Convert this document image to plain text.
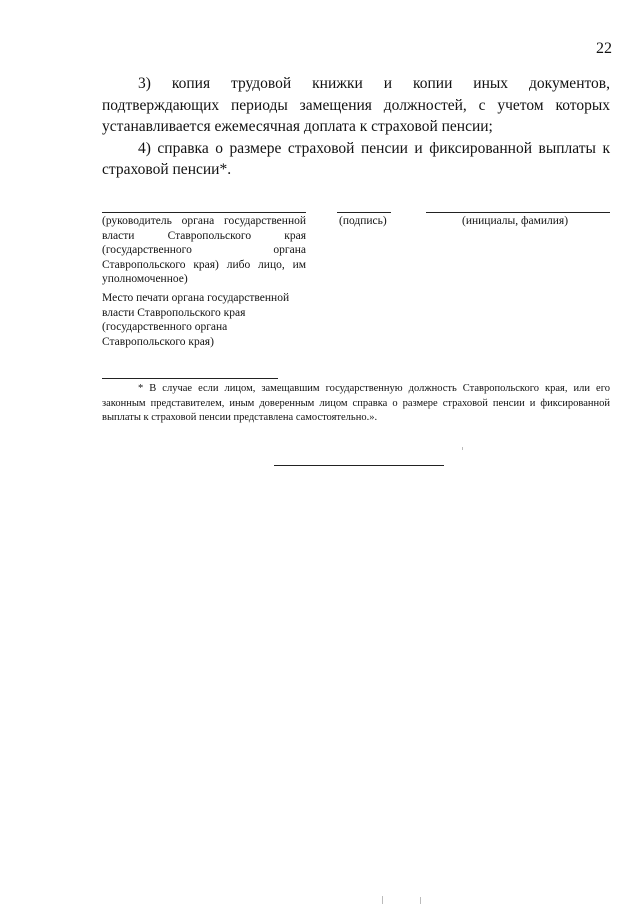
22

3) копия трудовой книжки и копии иных документов, подтверждающих периоды замещения должностей, с учетом которых устанавливается ежемесячная доплата к страховой пенсии;

4) справка о размере страховой пенсии и фиксированной выплаты к страховой пенсии*.

(руководитель органа государственной власти Ставропольского края (государственного органа Ставропольского края) либо лицо, им уполномоченное)
(подпись)	(инициалы, фамилия)
Место печати органа государственной власти Ставропольского края (государственного органа Ставропольского края)
* В случае если лицом, замещавшим государственную должность Ставропольского края, или его законным представителем, иным доверенным лицом справка о размере страховой пенсии и фиксированной выплаты к страховой пенсии представлена самостоятельно.».
